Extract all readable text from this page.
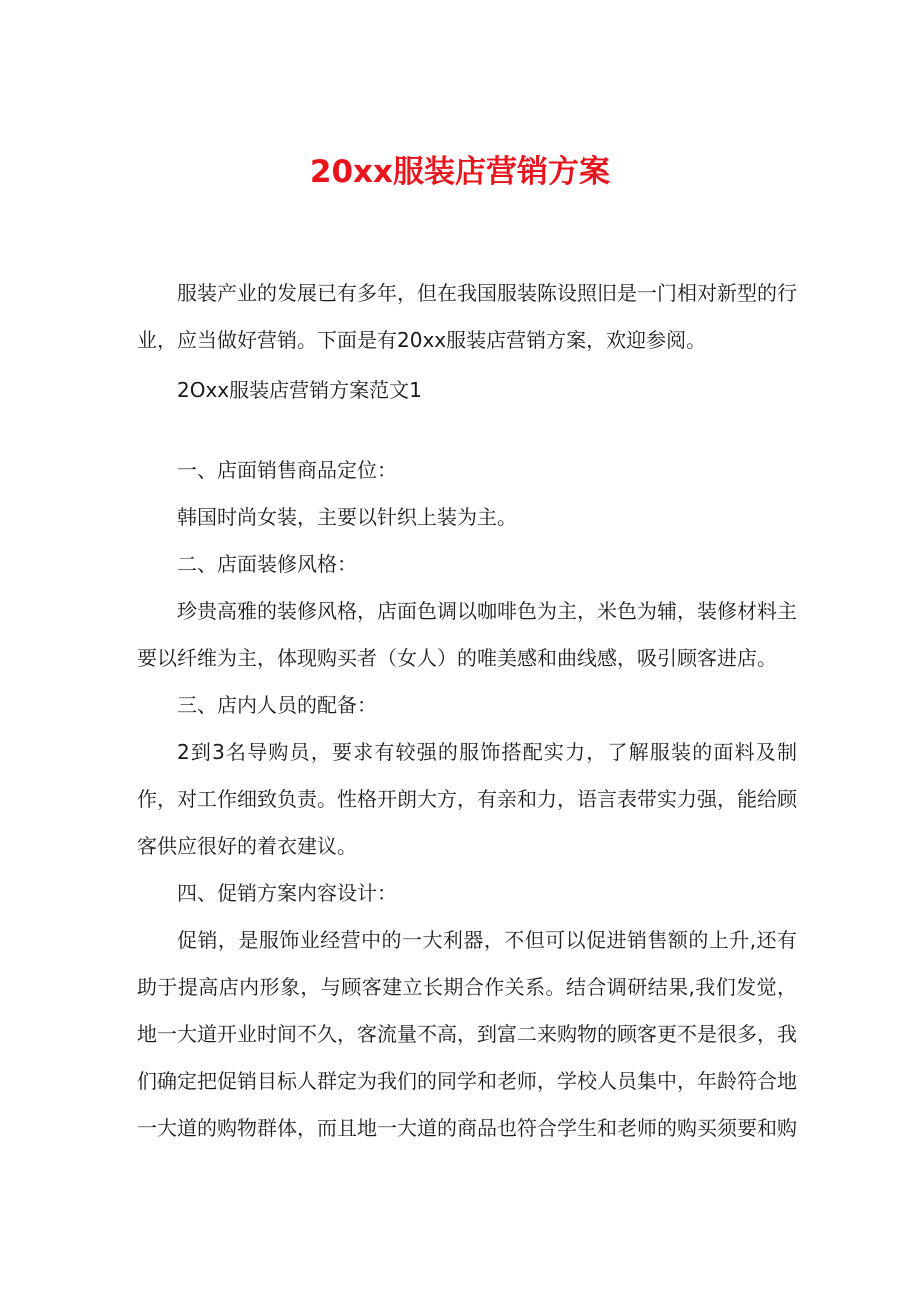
20xx服装店营销方案

服装产业的发展已有多年，但在我国服装陈设照旧是一门相对新型的行业，应当做好营销。下面是有20xx服装店营销方案，欢迎参阅。

2Oxx服装店营销方案范文1

一、店面销售商品定位：

韩国时尚女装，主要以针织上装为主。

二、店面装修风格：

珍贵高雅的装修风格，店面色调以咖啡色为主，米色为辅，装修材料主要以纤维为主，体现购买者（女人）的唯美感和曲线感，吸引顾客进店。

三、店内人员的配备：

2到3名导购员，要求有较强的服饰搭配实力，了解服装的面料及制作，对工作细致负责。性格开朗大方，有亲和力，语言表带实力强，能给顾客供应很好的着衣建议。

四、促销方案内容设计：

促销，是服饰业经营中的一大利器，不但可以促进销售额的上升,还有助于提高店内形象，与顾客建立长期合作关系。结合调研结果,我们发觉，地一大道开业时间不久，客流量不高，到富二来购物的顾客更不是很多，我们确定把促销目标人群定为我们的同学和老师，学校人员集中，年龄符合地一大道的购物群体，而且地一大道的商品也符合学生和老师的购买须要和购
